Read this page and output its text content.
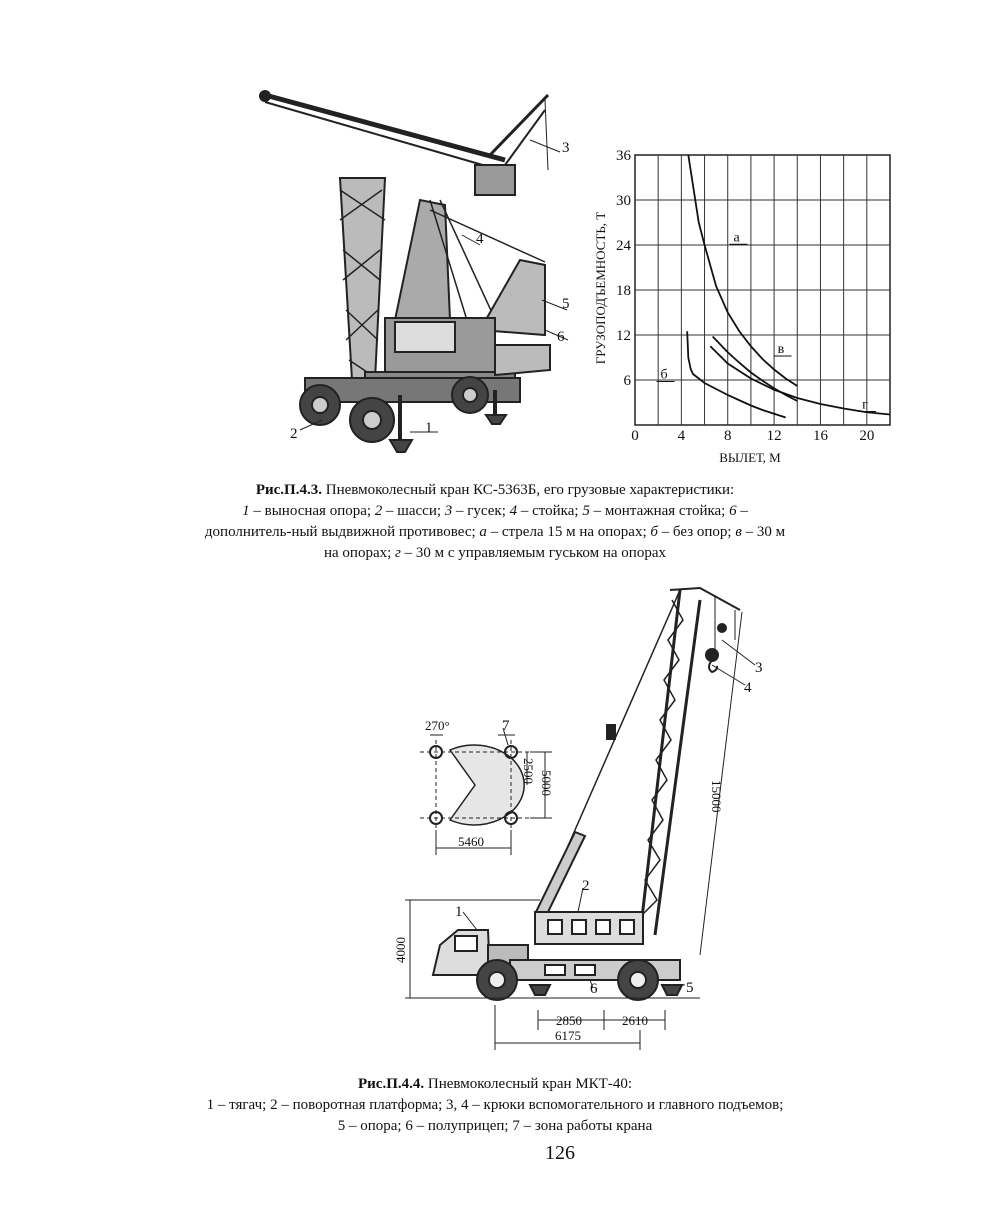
3
4
5
6
1
2
а
б
в
г
6
12
18
24
30
36
0	4	8 12 16 20
ГРУЗОПОДЪЕМНОСТЬ, Т
ВЫЛЕТ, М
Рис.П.4.3. Пневмоколесный кран КС-5363Б, его грузовые характеристики:
1 – выносная опора; 2 – шасси; 3 – гусек; 4 – стойка; 5 – монтажная стойка; 6 – дополнитель-ный выдвижной противовес; а – стрела 15 м на опорах; б – без опор; в – 30 м на опорах; г – 30 м с управляемым гуськом на опорах
15000
4000
2850	2610
6175
270°
5460
2500 5000
7
1
2
3
4
5
6
Рис.П.4.4. Пневмоколесный кран МКТ-40:
1 – тягач; 2 – поворотная платформа; 3, 4 – крюки вспомогательного и главного подъемов;
5 – опора; 6 – полуприцеп; 7 – зона работы крана
126
